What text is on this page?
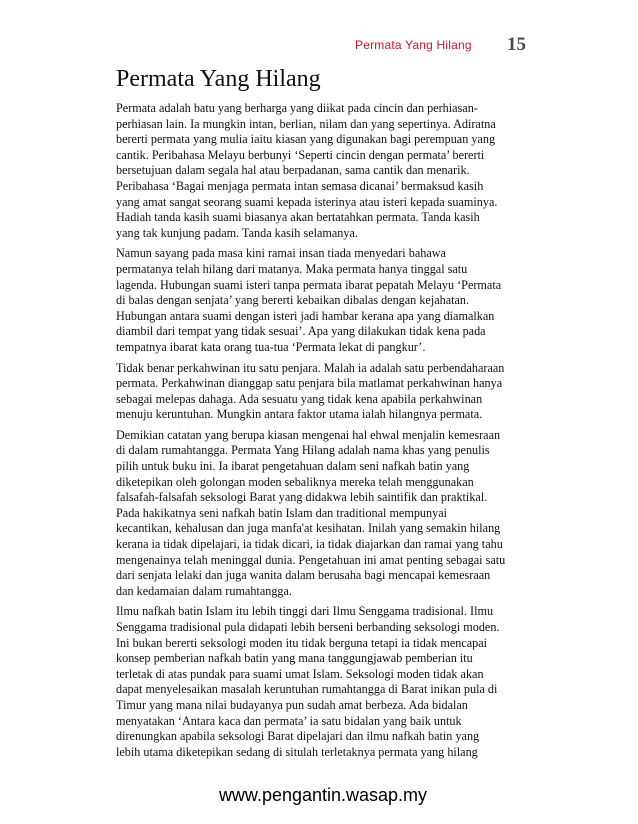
Permata Yang Hilang 15
Permata Yang Hilang

Permata adalah batu yang berharga yang diikat pada cincin dan perhiasan-
perhiasan lain. Ia mungkin intan, berlian, nilam dan yang sepertinya. Adiratna
bererti permata yang mulia iaitu kiasan yang digunakan bagi perempuan yang
cantik. Peribahasa Melayu berbunyi ‘Seperti cincin dengan permata’ bererti
bersetujuan dalam segala hal atau berpadanan, sama cantik dan menarik.
Peribahasa ‘Bagai menjaga permata intan semasa dicanai’ bermaksud kasih
yang amat sangat seorang suami kepada isterinya atau isteri kepada suaminya.
Hadiah tanda kasih suami biasanya akan bertatahkan permata. Tanda kasih
yang tak kunjung padam. Tanda kasih selamanya.

Namun sayang pada masa kini ramai insan tiada menyedari bahawa
permatanya telah hilang dari matanya. Maka permata hanya tinggal satu
lagenda. Hubungan suami isteri tanpa permata ibarat pepatah Melayu ‘Permata
di balas dengan senjata’ yang bererti kebaikan dibalas dengan kejahatan.
Hubungan antara suami dengan isteri jadi hambar kerana apa yang diamalkan
diambil dari tempat yang tidak sesuai’. Apa yang dilakukan tidak kena pada
tempatnya ibarat kata orang tua-tua ‘Permata lekat di pangkur’.

Tidak benar perkahwinan itu satu penjara. Malah ia adalah satu perbendaharaan
permata. Perkahwinan dianggap satu penjara bila matlamat perkahwinan hanya
sebagai melepas dahaga. Ada sesuatu yang tidak kena apabila perkahwinan
menuju keruntuhan. Mungkin antara faktor utama ialah hilangnya permata.

Demikian catatan yang berupa kiasan mengenai hal ehwal menjalin kemesraan
di dalam rumahtangga. Permata Yang Hilang adalah nama khas yang penulis
pilih untuk buku ini. Ia ibarat pengetahuan dalam seni nafkah batin yang
diketepikan oleh golongan moden sebaliknya mereka telah menggunakan
falsafah-falsafah seksologi Barat yang didakwa lebih saintifik dan praktikal.
Pada hakikatnya seni nafkah batin Islam dan traditional mempunyai
kecantikan, kehalusan dan juga manfa'at kesihatan. Inilah yang semakin hilang
kerana ia tidak dipelajari, ia tidak dicari, ia tidak diajarkan dan ramai yang tahu
mengenainya telah meninggal dunia. Pengetahuan ini amat penting sebagai satu
dari senjata lelaki dan juga wanita dalam berusaha bagi mencapai kemesraan
dan kedamaian dalam rumahtangga.

Ilmu nafkah batin Islam itu lebih tinggi dari Ilmu Senggama tradisional. Ilmu
Senggama tradisional pula didapati lebih berseni berbanding seksologi moden.
Ini bukan bererti seksologi moden itu tidak berguna tetapi ia tidak mencapai
konsep pemberian nafkah batin yang mana tanggungjawab pemberian itu
terletak di atas pundak para suami umat Islam. Seksologi moden tidak akan
dapat menyelesaikan masalah keruntuhan rumahtangga di Barat inikan pula di
Timur yang mana nilai budayanya pun sudah amat berbeza. Ada bidalan
menyatakan ‘Antara kaca dan permata’ ia satu bidalan yang baik untuk
direnungkan apabila seksologi Barat dipelajari dan ilmu nafkah batin yang
lebih utama diketepikan sedang di situlah terletaknya permata yang hilang

www.pengantin.wasap.my
